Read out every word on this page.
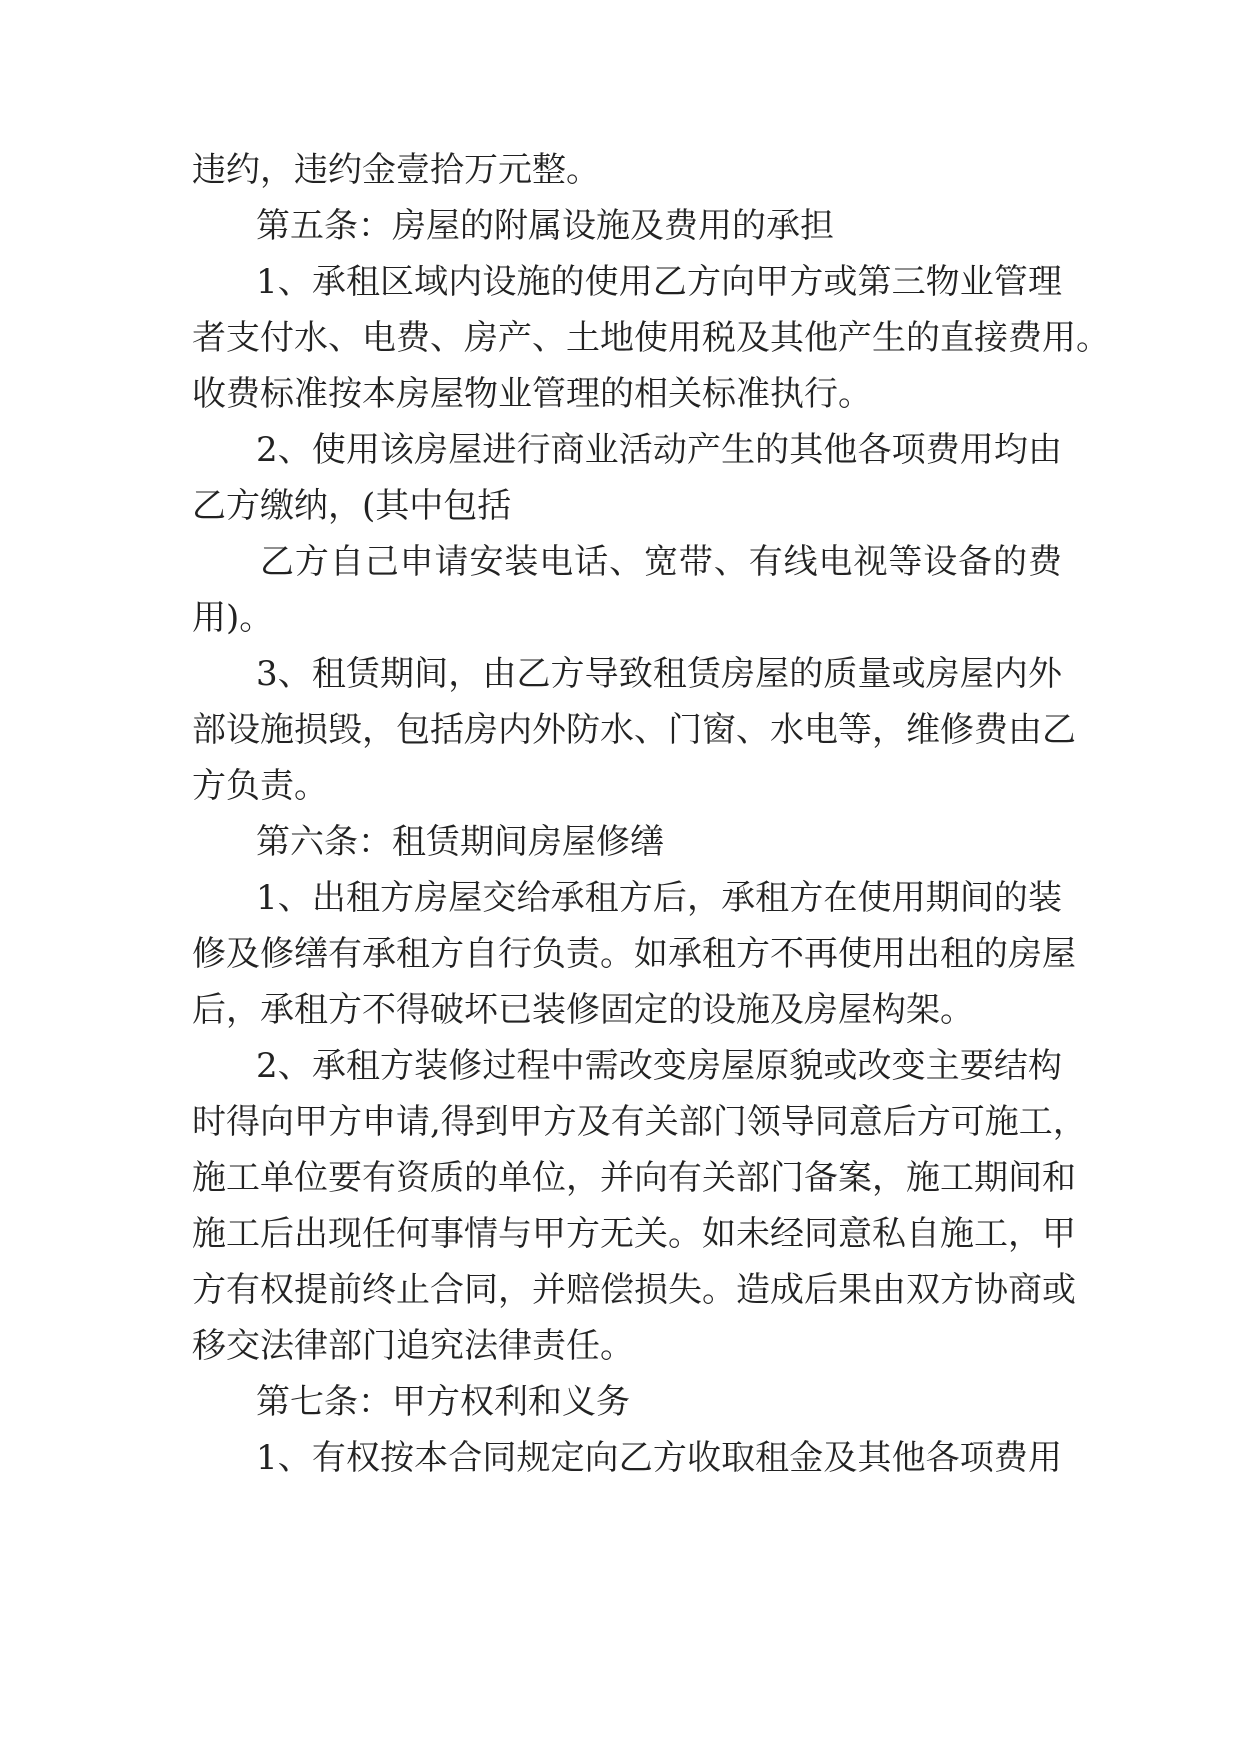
违约，违约金壹拾万元整。
第五条：房屋的附属设施及费用的承担
1、承租区域内设施的使用乙方向甲方或第三物业管理
者支付水、电费、房产、土地使用税及其他产生的直接费用。
收费标准按本房屋物业管理的相关标准执行。
2、使用该房屋进行商业活动产生的其他各项费用均由
乙方缴纳，(其中包括
乙方自己申请安装电话、宽带、有线电视等设备的费
用)。
3、租赁期间，由乙方导致租赁房屋的质量或房屋内外
部设施损毁，包括房内外防水、门窗、水电等，维修费由乙
方负责。
第六条：租赁期间房屋修缮
1、出租方房屋交给承租方后，承租方在使用期间的装
修及修缮有承租方自行负责。如承租方不再使用出租的房屋
后，承租方不得破坏已装修固定的设施及房屋构架。
2、承租方装修过程中需改变房屋原貌或改变主要结构
时得向甲方申请,得到甲方及有关部门领导同意后方可施工，
施工单位要有资质的单位，并向有关部门备案，施工期间和
施工后出现任何事情与甲方无关。如未经同意私自施工，甲
方有权提前终止合同，并赔偿损失。造成后果由双方协商或
移交法律部门追究法律责任。
第七条：甲方权利和义务
1、有权按本合同规定向乙方收取租金及其他各项费用
